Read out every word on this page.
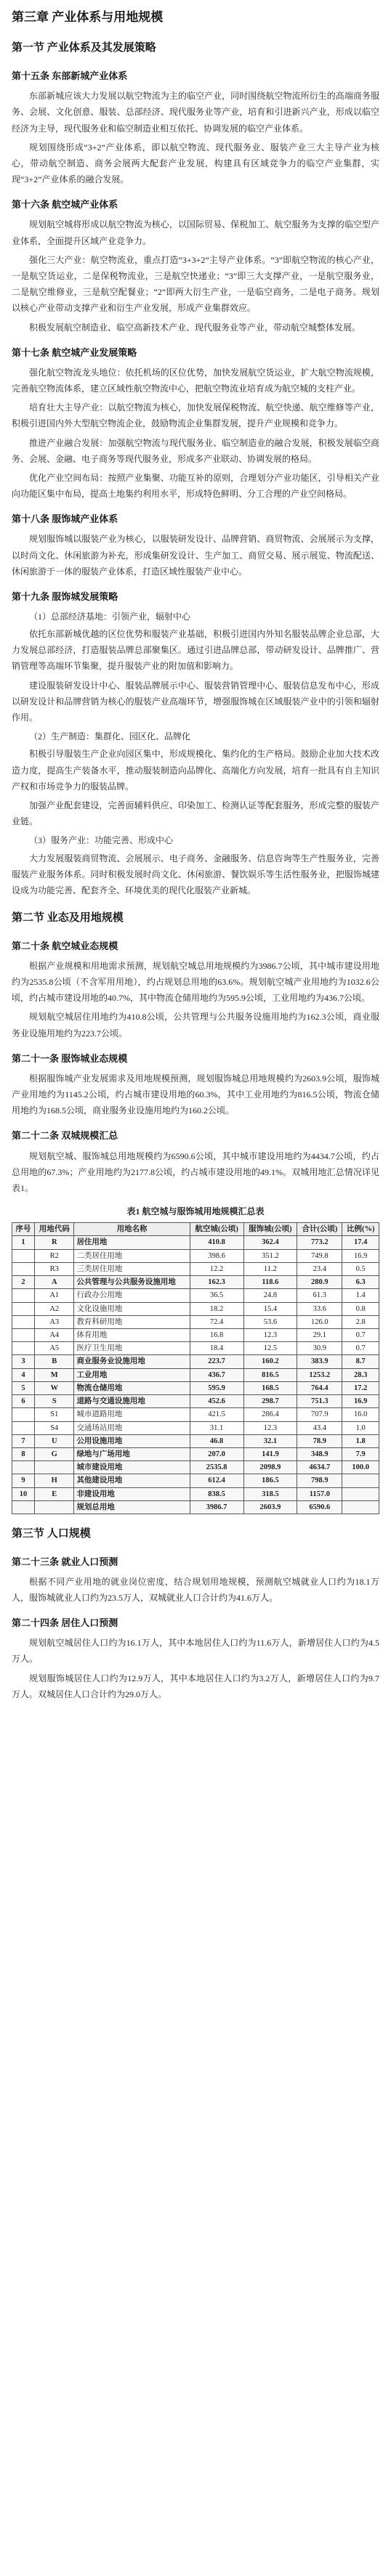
第三章 产业体系与用地规模
第一节 产业体系及其发展策略
第十五条 东部新城产业体系

东部新城应该大力发展以航空物流为主的临空产业，同时围绕航空物流所衍生的高端商务服务、会展、文化创意、服装、总部经济、现代服务业等产业，培育和引进新兴产业，形成以临空经济为主导，现代服务业和临空制造业相互依托、协调发展的临空产业体系。

规划围绕形成“3+2”产业体系，即以航空物流、现代服务业、服装产业三大主导产业为核心，带动航空制造、商务会展两大配套产业发展，构建具有区域竞争力的临空产业集群，实现“3+2”产业体系的融合发展。

第十六条 航空城产业体系

规划航空城将形成以航空物流为核心，以国际贸易、保税加工、航空服务为支撑的临空型产业体系，全面提升区域产业竞争力。

强化三大产业：航空物流业，重点打造“3+3+2”主导产业体系。“3”即航空物流的核心产业，一是航空货运业，二是保税物流业，三是航空快递业；“3”即三大支撑产业，一是航空服务业，二是航空维修业，三是航空配餐业；“2”即两大衍生产业，一是临空商务，二是电子商务。规划以核心产业带动支撑产业和衍生产业发展，形成产业集群效应。

积极发展航空制造业、临空高新技术产业、现代服务业等产业，带动航空城整体发展。

第十七条 航空城产业发展策略

强化航空物流龙头地位：依托机场的区位优势，加快发展航空货运业，扩大航空物流规模，完善航空物流体系，建立区域性航空物流中心，把航空物流业培育成为航空城的支柱产业。

培育壮大主导产业：以航空物流为核心，加快发展保税物流、航空快递、航空维修等产业，积极引进国内外大型航空物流企业，鼓励物流企业集群发展，提升产业规模和竞争力。

推进产业融合发展：加强航空物流与现代服务业、临空制造业的融合发展，积极发展临空商务、会展、金融、电子商务等现代服务业，形成多产业联动、协调发展的格局。

优化产业空间布局：按照产业集聚、功能互补的原则，合理划分产业功能区，引导相关产业向功能区集中布局，提高土地集约利用水平，形成特色鲜明、分工合理的产业空间格局。

第十八条 服饰城产业体系

规划服饰城以服装产业为核心，以服装研发设计、品牌营销、商贸物流、会展展示为支撑，以时尚文化、休闲旅游为补充，形成集研发设计、生产加工、商贸交易、展示展览、物流配送、休闲旅游于一体的服装产业体系，打造区域性服装产业中心。

第十九条 服饰城发展策略

（1）总部经济基地：引领产业，辐射中心

依托东部新城优越的区位优势和服装产业基础，积极引进国内外知名服装品牌企业总部，大力发展总部经济，打造服装品牌总部聚集区。通过引进品牌总部，带动研发设计、品牌推广、营销管理等高端环节集聚，提升服装产业的附加值和影响力。

建设服装研发设计中心、服装品牌展示中心、服装营销管理中心、服装信息发布中心，形成以研发设计和品牌营销为核心的服装产业高端环节，增强服饰城在区域服装产业中的引领和辐射作用。

（2）生产制造：集群化、园区化、品牌化

积极引导服装生产企业向园区集中，形成规模化、集约化的生产格局。鼓励企业加大技术改造力度，提高生产装备水平，推动服装制造向品牌化、高端化方向发展，培育一批具有自主知识产权和市场竞争力的服装品牌。

加强产业配套建设，完善面辅料供应、印染加工、检测认证等配套服务，形成完整的服装产业链。

（3）服务产业：功能完善、形成中心

大力发展服装商贸物流、会展展示、电子商务、金融服务、信息咨询等生产性服务业，完善服装产业服务体系。同时积极发展时尚文化、休闲旅游、餐饮娱乐等生活性服务业，把服饰城建设成为功能完善、配套齐全、环境优美的现代化服装产业新城。

第二节 业态及用地规模
第二十条 航空城业态规模

根据产业规模和用地需求预测，规划航空城总用地规模约为3986.7公顷，其中城市建设用地约为2535.8公顷（不含军用用地），约占规划总用地的63.6%。规划航空城产业用地约为1032.6公顷，约占城市建设用地的40.7%，其中物流仓储用地约为595.9公顷，工业用地约为436.7公顷。

规划航空城居住用地约为410.8公顷，公共管理与公共服务设施用地约为162.3公顷，商业服务业设施用地约为223.7公顷。

第二十一条 服饰城业态规模

根据服饰城产业发展需求及用地规模预测，规划服饰城总用地规模约为2603.9公顷，服饰城产业用地约为1145.2公顷，约占城市建设用地的60.3%，其中工业用地约为816.5公顷，物流仓储用地约为168.5公顷，商业服务业设施用地约为160.2公顷。

第二十二条 双城规模汇总

规划航空城、服饰城总用地规模约为6590.6公顷，其中城市建设用地约为4434.7公顷，约占总用地的67.3%；产业用地约为2177.8公顷，约占城市建设用地的49.1%。双城用地汇总情况详见表1。

表1 航空城与服饰城用地规模汇总表
序号	用地代码	用地名称	航空城(公顷)	服饰城(公顷)	合计(公顷)	比例(%)
1	R	居住用地	410.8	362.4	773.2	17.4
	R2	二类居住用地	398.6	351.2	749.8	16.9
	R3	三类居住用地	12.2	11.2	23.4	0.5
2	A	公共管理与公共服务设施用地	162.3	118.6	280.9	6.3
	A1	行政办公用地	36.5	24.8	61.3	1.4
	A2	文化设施用地	18.2	15.4	33.6	0.8
	A3	教育科研用地	72.4	53.6	126.0	2.8
	A4	体育用地	16.8	12.3	29.1	0.7
	A5	医疗卫生用地	18.4	12.5	30.9	0.7
3	B	商业服务业设施用地	223.7	160.2	383.9	8.7
4	M	工业用地	436.7	816.5	1253.2	28.3
5	W	物流仓储用地	595.9	168.5	764.4	17.2
6	S	道路与交通设施用地	452.6	298.7	751.3	16.9
	S1	城市道路用地	421.5	286.4	707.9	16.0
	S4	交通场站用地	31.1	12.3	43.4	1.0
7	U	公用设施用地	46.8	32.1	78.9	1.8
8	G	绿地与广场用地	207.0	141.9	348.9	7.9
		城市建设用地	2535.8	2098.9	4634.7	100.0
9	H	其他建设用地	612.4	186.5	798.9	
10	E	非建设用地	838.5	318.5	1157.0	
		规划总用地	3986.7	2603.9	6590.6	
第三节 人口规模
第二十三条 就业人口预测

根据不同产业用地的就业岗位密度，结合规划用地规模，预测航空城就业人口约为18.1万人，服饰城就业人口约为23.5万人，双城就业人口合计约为41.6万人。

第二十四条 居住人口预测

规划航空城居住人口约为16.1万人，其中本地居住人口约为11.6万人，新增居住人口约为4.5万人。

规划服饰城居住人口约为12.9万人，其中本地居住人口约为3.2万人，新增居住人口约为9.7万人。双城居住人口合计约为29.0万人。
